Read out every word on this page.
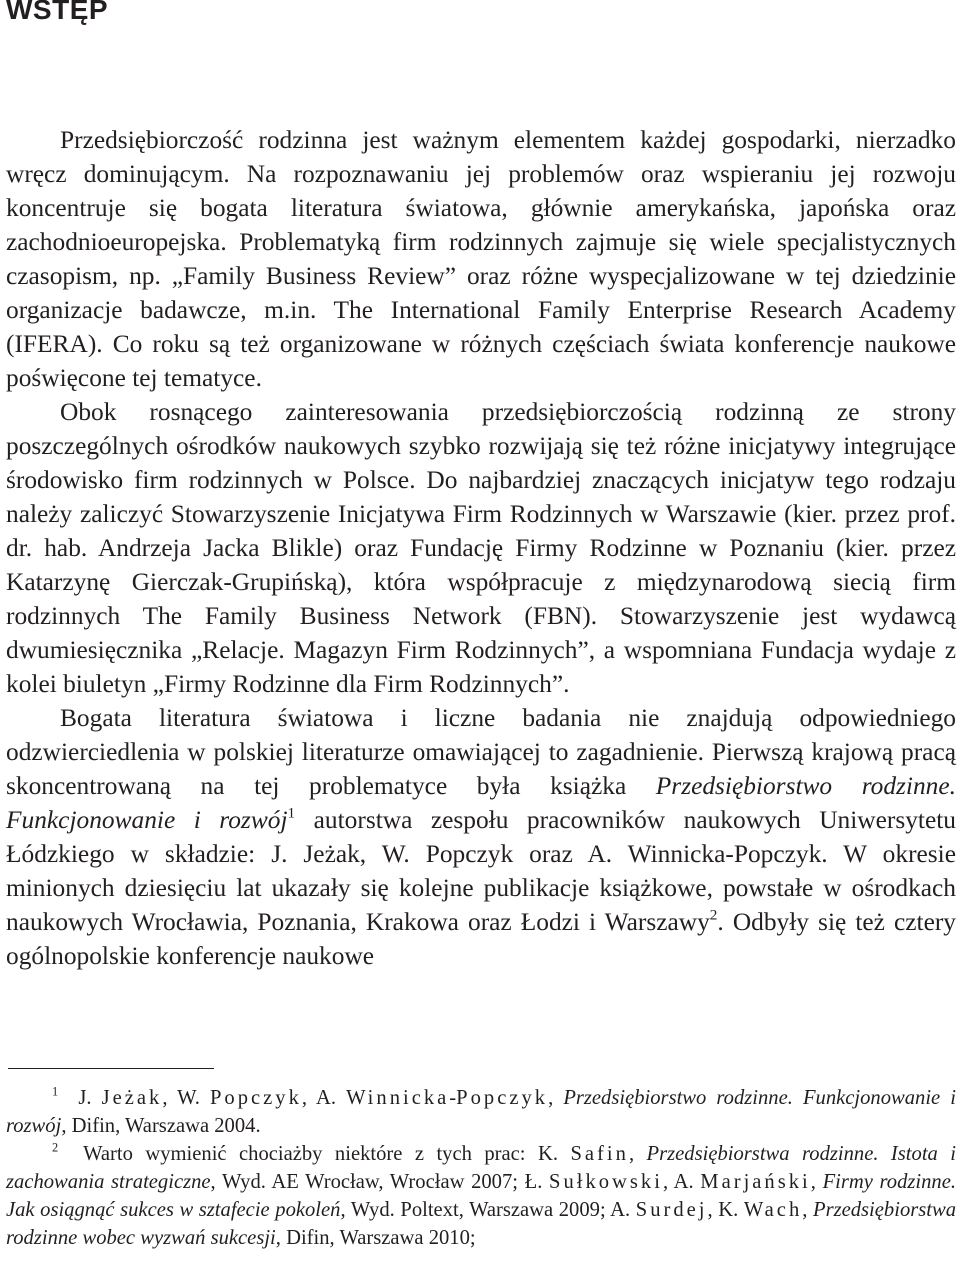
WSTĘP

Przedsiębiorczość rodzinna jest ważnym elementem każdej gospodarki, nierzadko wręcz dominującym. Na rozpoznawaniu jej problemów oraz wspieraniu jej rozwoju koncentruje się bogata literatura światowa, głównie amerykańska, japońska oraz zachodnioeuropejska. Problematyką firm rodzinnych zajmuje się wiele specjalistycznych czasopism, np. „Family Business Review” oraz różne wyspecjalizowane w tej dziedzinie organizacje badawcze, m.in. The International Family Enterprise Research Academy (IFERA). Co roku są też organizowane w różnych częściach świata konferencje naukowe poświęcone tej tematyce.

Obok rosnącego zainteresowania przedsiębiorczością rodzinną ze strony poszczególnych ośrodków naukowych szybko rozwijają się też różne inicjatywy integrujące środowisko firm rodzinnych w Polsce. Do najbardziej znaczących inicjatyw tego rodzaju należy zaliczyć Stowarzyszenie Inicjatywa Firm Rodzinnych w Warszawie (kier. przez prof. dr. hab. Andrzeja Jacka Blikle) oraz Fundację Firmy Rodzinne w Poznaniu (kier. przez Katarzynę Gierczak-Grupińską), która współpracuje z międzynarodową siecią firm rodzinnych The Family Business Network (FBN). Stowarzyszenie jest wydawcą dwumiesięcznika „Relacje. Magazyn Firm Rodzinnych”, a wspomniana Fundacja wydaje z kolei biuletyn „Firmy Rodzinne dla Firm Rodzinnych”.

Bogata literatura światowa i liczne badania nie znajdują odpowiedniego odzwierciedlenia w polskiej literaturze omawiającej to zagadnienie. Pierwszą krajową pracą skoncentrowaną na tej problematyce była książka Przedsiębiorstwo rodzinne. Funkcjonowanie i rozwój$^1$ autorstwa zespołu pracowników naukowych Uniwersytetu Łódzkiego w składzie: J. Jeżak, W. Popczyk oraz A. Winnicka-Popczyk. W okresie minionych dziesięciu lat ukazały się kolejne publikacje książkowe, powstałe w ośrodkach naukowych Wrocławia, Poznania, Krakowa oraz Łodzi i Warszawy$^2$. Odbyły się też cztery ogólnopolskie konferencje naukowe

$^1$ J. Jeżak, W. Popczyk, A. Winnicka-Popczyk, Przedsiębiorstwo rodzinne. Funkcjonowanie i rozwój, Difin, Warszawa 2004.

$^2$ Warto wymienić chociażby niektóre z tych prac: K. Safin, Przedsiębiorstwa rodzinne. Istota i zachowania strategiczne, Wyd. AE Wrocław, Wrocław 2007; Ł. Sułkowski, A. Marjański, Firmy rodzinne. Jak osiągnąć sukces w sztafecie pokoleń, Wyd. Poltext, Warszawa 2009; A. Surdej, K. Wach, Przedsiębiorstwa rodzinne wobec wyzwań sukcesji, Difin, Warszawa 2010;
